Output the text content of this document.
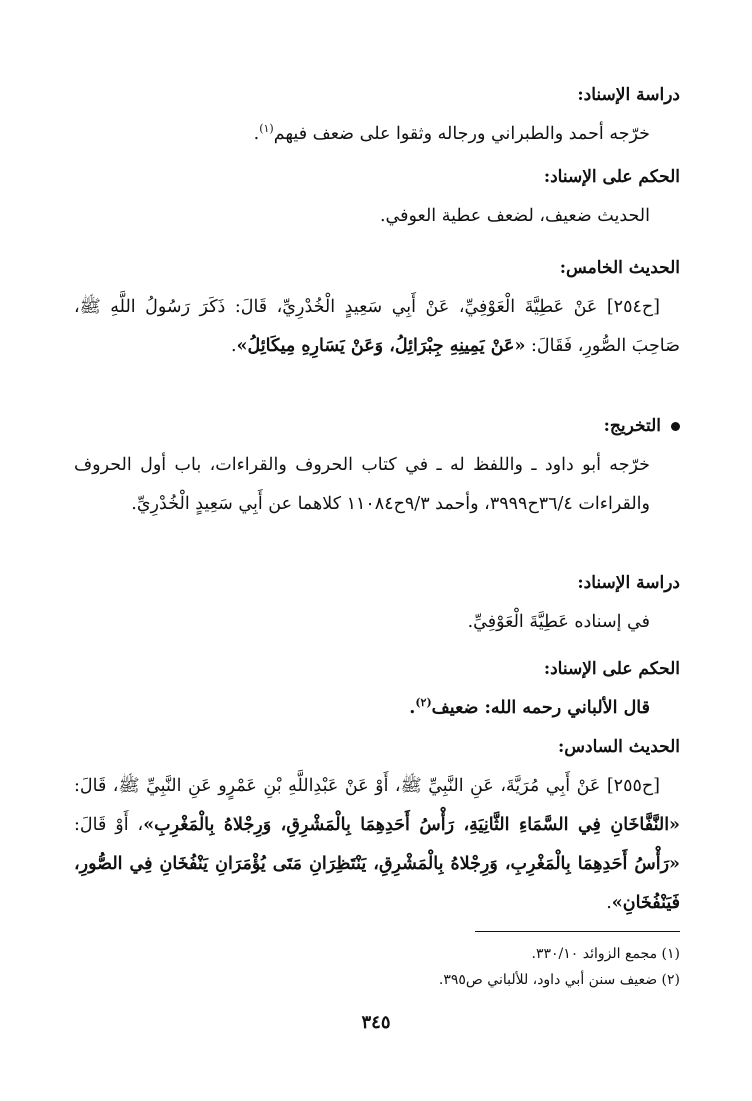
دراسة الإسناد:
خرّجه أحمد والطبراني ورجاله وثقوا على ضعف فيهم$^{(١)}$.
الحكم على الإسناد:
الحديث ضعيف، لضعف عطية العوفي.
الحديث الخامس:
[ح٢٥٤] عَنْ عَطِيَّةَ الْعَوْفِيِّ، عَنْ أَبِي سَعِيدٍ الْخُدْرِيِّ، قَالَ: ذَكَرَ رَسُولُ اللَّهِ ﷺ، صَاحِبَ الصُّورِ، فَقَالَ: «عَنْ يَمِينِهِ جِبْرَائِلُ، وَعَنْ يَسَارِهِ مِيكَائِلُ».
التخريج:
خرّجه أبو داود ـ واللفظ له ـ في كتاب الحروف والقراءات، باب أول الحروف والقراءات ٣٦/٤ح٣٩٩٩، وأحمد ٩/٣ح١١٠٨٤ كلاهما عن أَبِي سَعِيدٍ الْخُدْرِيِّ.
دراسة الإسناد:
في إسناده عَطِيَّةَ الْعَوْفِيِّ.
الحكم على الإسناد:
قال الألباني رحمه الله: ضعيف$^{(٢)}$.
الحديث السادس:
[ح٢٥٥] عَنْ أَبِي مُرَيَّةَ، عَنِ النَّبِيِّ ﷺ، أَوْ عَنْ عَبْدِاللَّهِ بْنِ عَمْرٍو عَنِ النَّبِيِّ ﷺ، قَالَ: «النَّفَّاخَانِ فِي السَّمَاءِ الثَّانِيَةِ، رَأْسُ أَحَدِهِمَا بِالْمَشْرِقِ، وَرِجْلاهُ بِالْمَغْرِبِ»، أَوْ قَالَ: «رَأْسُ أَحَدِهِمَا بِالْمَغْرِبِ، وَرِجْلاهُ بِالْمَشْرِقِ، يَنْتَظِرَانِ مَتَى يُؤْمَرَانِ يَنْفُخَانِ فِي الصُّورِ، فَيَنْفُخَانِ».
(١) مجمع الزوائد ٣٣٠/١٠.
(٢) ضعيف سنن أبي داود، للألباني ص٣٩٥.
٣٤٥
